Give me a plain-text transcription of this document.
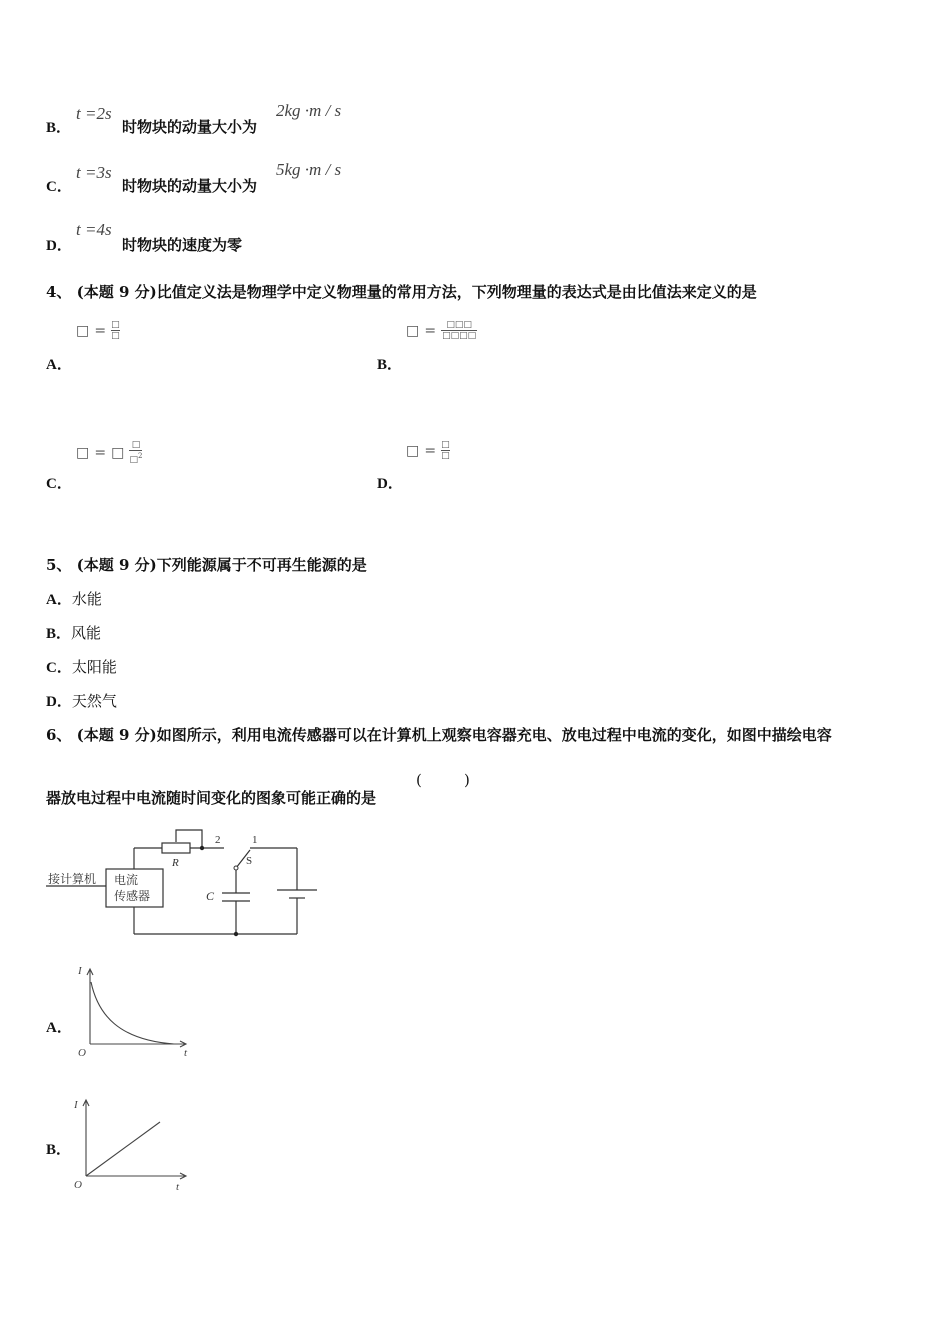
B．
t =2s
时物块的动量大小为
2kg ·m / s
C．
t =3s
时物块的动量大小为
5kg ·m / s
D．
t =4s
时物块的速度为零
4、 (本题 9 分)比值定义法是物理学中定义物理量的常用方法，下列物理量的表达式是由比值法来定义的是
□ = $\frac{□}{□}$
A．
□ = $\frac{□□□}{□□□□}$
B．
□ = □ $\frac{□}{□^2}$
C．
□ = $\frac{□}{□}$
D．
5、 (本题 9 分)下列能源属于不可再生能源的是
A．水能
B．风能
C．太阳能
D．天然气
6、 (本题 9 分)如图所示，利用电流传感器可以在计算机上观察电容器充电、放电过程中电流的变化，如图中描绘电容
器放电过程中电流随时间变化的图象可能正确的是
(	)
接计算机 电流
传感器
R
2	1
S
C
A．
I
O	t
B．
I
O	t
